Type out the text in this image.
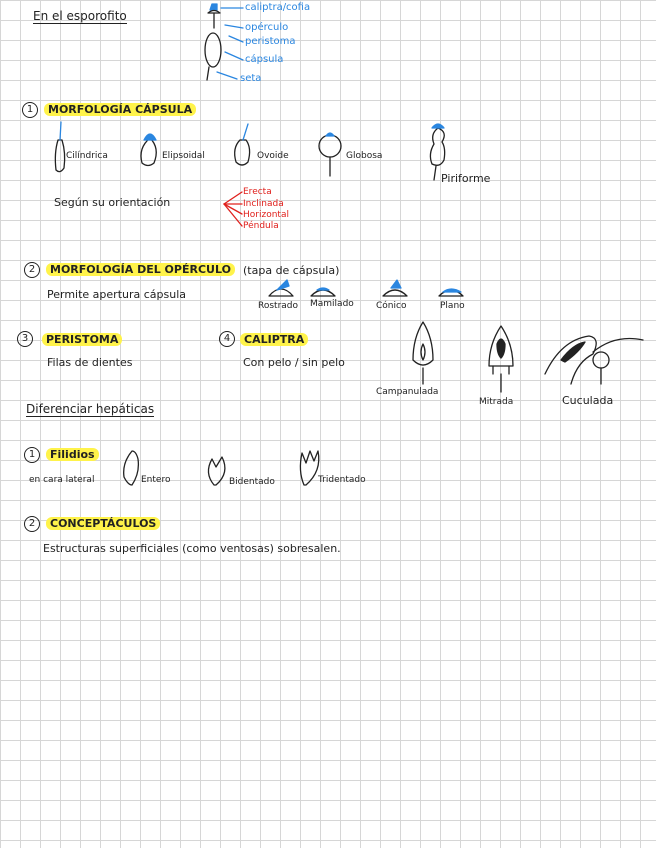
En el esporofito
caliptra/cofia
opérculo
peristoma
cápsula
seta
1	MORFOLOGÍA CÁPSULA
Cilíndrica	Elipsoidal	Ovoide	Globosa
Piriforme
Según su orientación
Erecta
Inclinada
Horizontal
Péndula
2	MORFOLOGÍA DEL OPÉRCULO	(tapa de cápsula)
Permite apertura cápsula
Rostrado Mamilado Cónico	Plano
3	PERISTOMA
Filas de dientes
4	CALIPTRA
Con pelo / sin pelo
Campanulada
Mitrada	Cuculada
Diferenciar hepáticas
1	Filidios
en cara lateral	Entero	Bidentado	Tridentado
2	CONCEPTÁCULOS
Estructuras superficiales (como ventosas) sobresalen.
